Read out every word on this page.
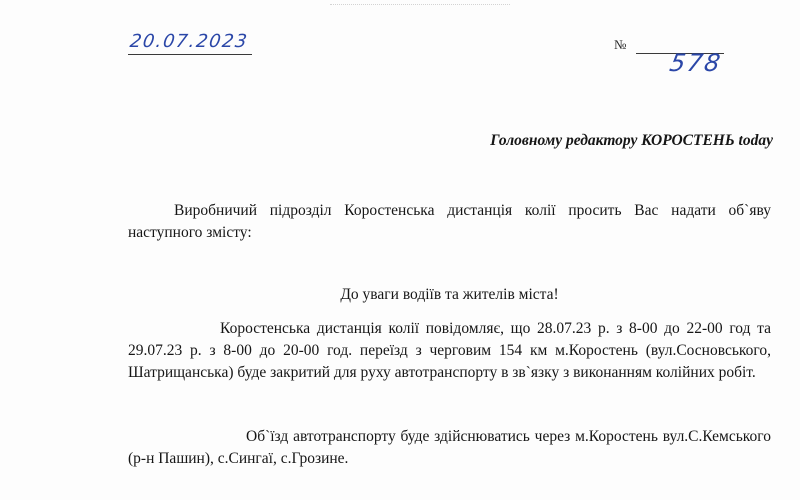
20.07.2023	№
578
Головному редактору КОРОСТЕНЬ today

Виробничий підрозділ Коростенська дистанція колії просить Вас надати об`яву наступного змісту:

До уваги водіїв та жителів міста!

Коростенська дистанція колії повідомляє, що 28.07.23 р. з 8-00 до 22-00 год та 29.07.23 р. з 8-00 до 20-00 год. переїзд з черговим 154 км м.Коростень (вул.Сосновського, Шатрищанська) буде закритий для руху автотранспорту в зв`язку з виконанням колійних робіт.

Об`їзд автотранспорту буде здійснюватись через м.Коростень вул.С.Кемського (р-н Пашин), с.Сингаї, с.Грозине.
